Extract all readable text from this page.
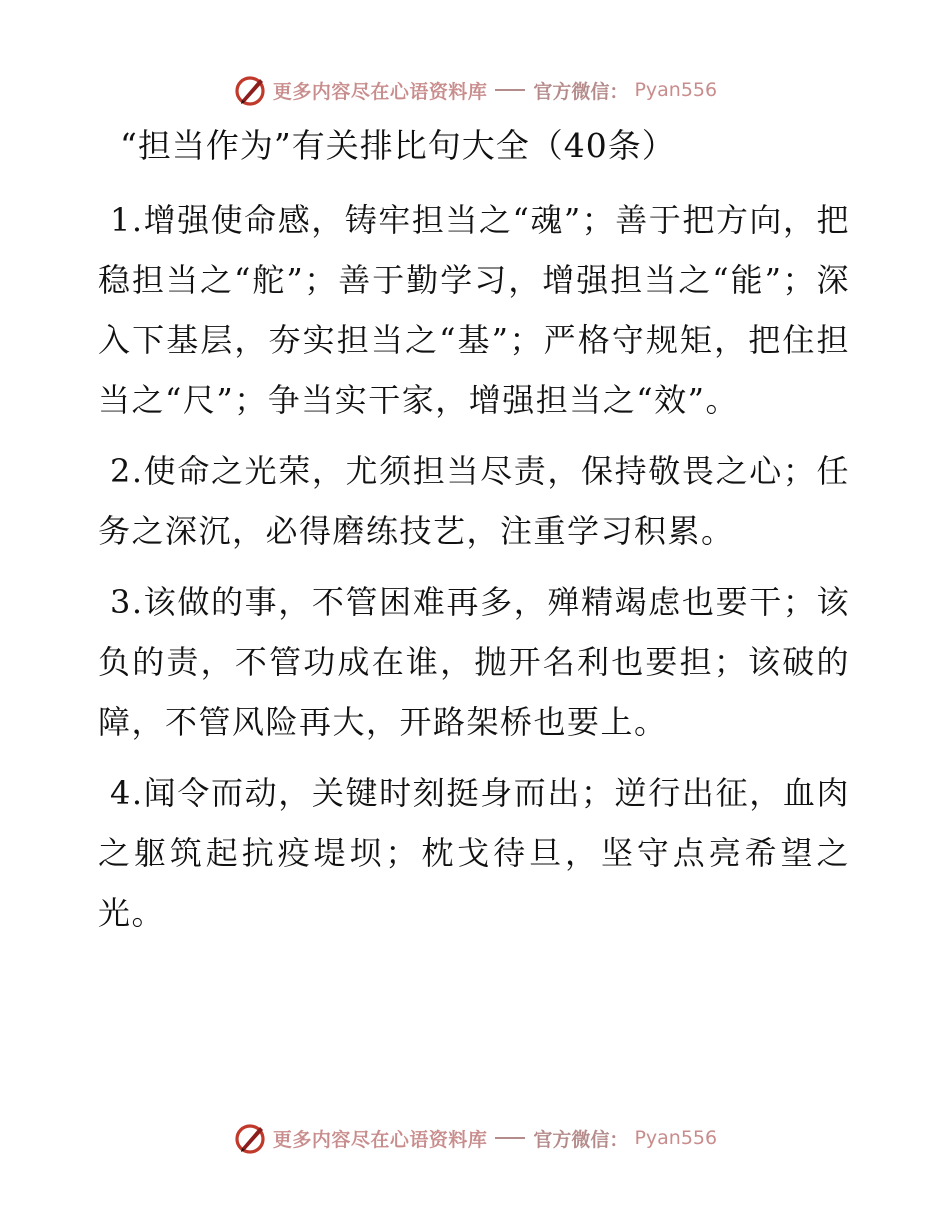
更多内容尽在心语资料库 官方微信： Pyan556
“担当作为”有关排比句大全（40条）

1.增强使命感，铸牢担当之“魂”；善于把方向，把稳担当之“舵”；善于勤学习，增强担当之“能”；深入下基层，夯实担当之“基”；严格守规矩，把住担当之“尺”；争当实干家，增强担当之“效”。

2.使命之光荣，尤须担当尽责，保持敬畏之心；任务之深沉，必得磨练技艺，注重学习积累。

3.该做的事，不管困难再多，殚精竭虑也要干；该负的责，不管功成在谁，抛开名利也要担；该破的障，不管风险再大，开路架桥也要上。

4.闻令而动，关键时刻挺身而出；逆行出征，血肉之躯筑起抗疫堤坝；枕戈待旦，坚守点亮希望之光。

更多内容尽在心语资料库 官方微信： Pyan556
